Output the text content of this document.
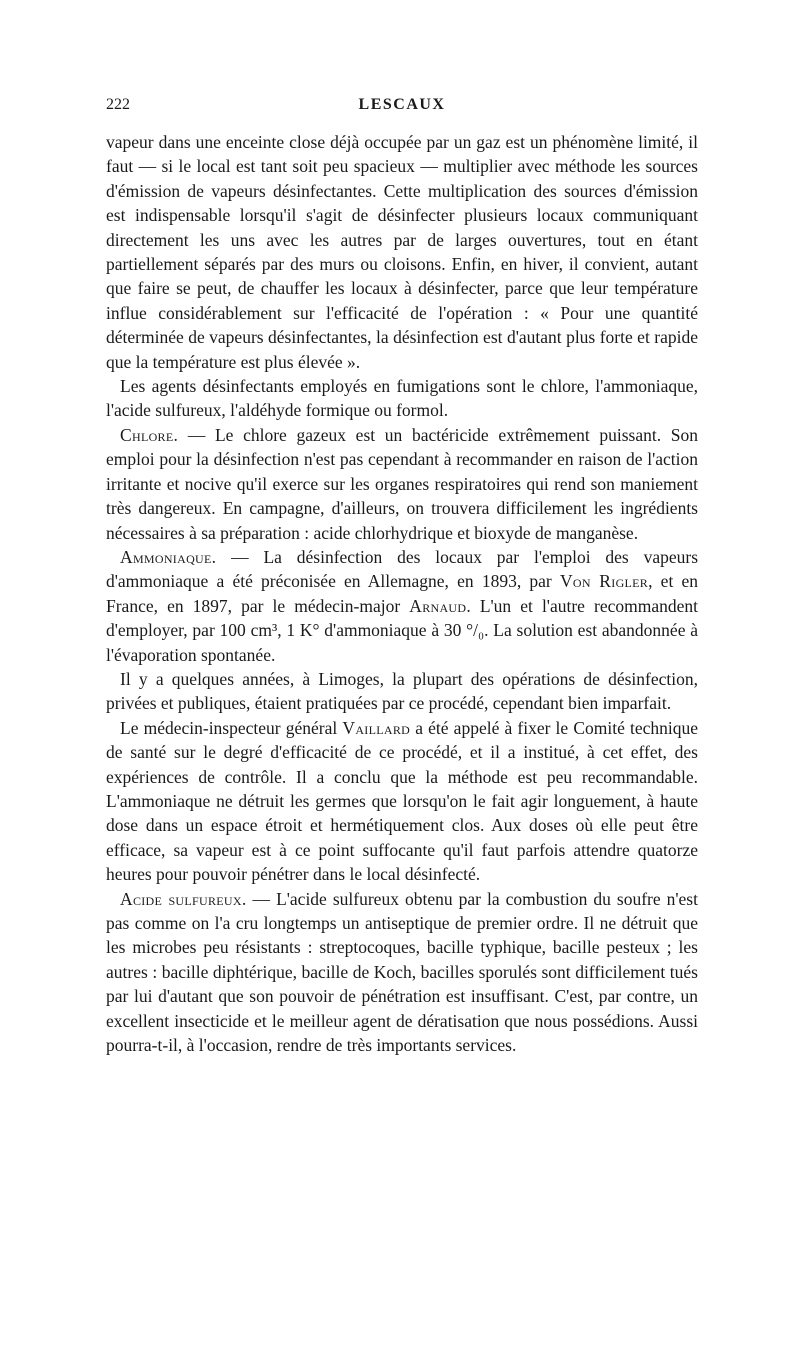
222	LESCAUX

vapeur dans une enceinte close déjà occupée par un gaz est un phénomène limité, il faut — si le local est tant soit peu spacieux — multiplier avec méthode les sources d'émission de vapeurs désinfectantes. Cette multiplication des sources d'émission est indispensable lorsqu'il s'agit de désinfecter plusieurs locaux communiquant directement les uns avec les autres par de larges ouvertures, tout en étant partiellement séparés par des murs ou cloisons. Enfin, en hiver, il convient, autant que faire se peut, de chauffer les locaux à désinfecter, parce que leur température influe considérablement sur l'efficacité de l'opération : « Pour une quantité déterminée de vapeurs désinfectantes, la désinfection est d'autant plus forte et rapide que la température est plus élevée ».

Les agents désinfectants employés en fumigations sont le chlore, l'ammoniaque, l'acide sulfureux, l'aldéhyde formique ou formol.

Chlore. — Le chlore gazeux est un bactéricide extrêmement puissant. Son emploi pour la désinfection n'est pas cependant à recommander en raison de l'action irritante et nocive qu'il exerce sur les organes respiratoires qui rend son maniement très dangereux. En campagne, d'ailleurs, on trouvera difficilement les ingrédients nécessaires à sa préparation : acide chlorhydrique et bioxyde de manganèse.

Ammoniaque. — La désinfection des locaux par l'emploi des vapeurs d'ammoniaque a été préconisée en Allemagne, en 1893, par Von Rigler, et en France, en 1897, par le médecin-major Arnaud. L'un et l'autre recommandent d'employer, par 100 cm³, 1 K° d'ammoniaque à 30 °/₀. La solution est abandonnée à l'évaporation spontanée.

Il y a quelques années, à Limoges, la plupart des opérations de désinfection, privées et publiques, étaient pratiquées par ce procédé, cependant bien imparfait.

Le médecin-inspecteur général Vaillard a été appelé à fixer le Comité technique de santé sur le degré d'efficacité de ce procédé, et il a institué, à cet effet, des expériences de contrôle. Il a conclu que la méthode est peu recommandable. L'ammoniaque ne détruit les germes que lorsqu'on le fait agir longuement, à haute dose dans un espace étroit et hermétiquement clos. Aux doses où elle peut être efficace, sa vapeur est à ce point suffocante qu'il faut parfois attendre quatorze heures pour pouvoir pénétrer dans le local désinfecté.

Acide sulfureux. — L'acide sulfureux obtenu par la combustion du soufre n'est pas comme on l'a cru longtemps un antiseptique de premier ordre. Il ne détruit que les microbes peu résistants : streptocoques, bacille typhique, bacille pesteux ; les autres : bacille diphtérique, bacille de Koch, bacilles sporulés sont difficilement tués par lui d'autant que son pouvoir de pénétration est insuffisant. C'est, par contre, un excellent insecticide et le meilleur agent de dératisation que nous possédions. Aussi pourra-t-il, à l'occasion, rendre de très importants services.
